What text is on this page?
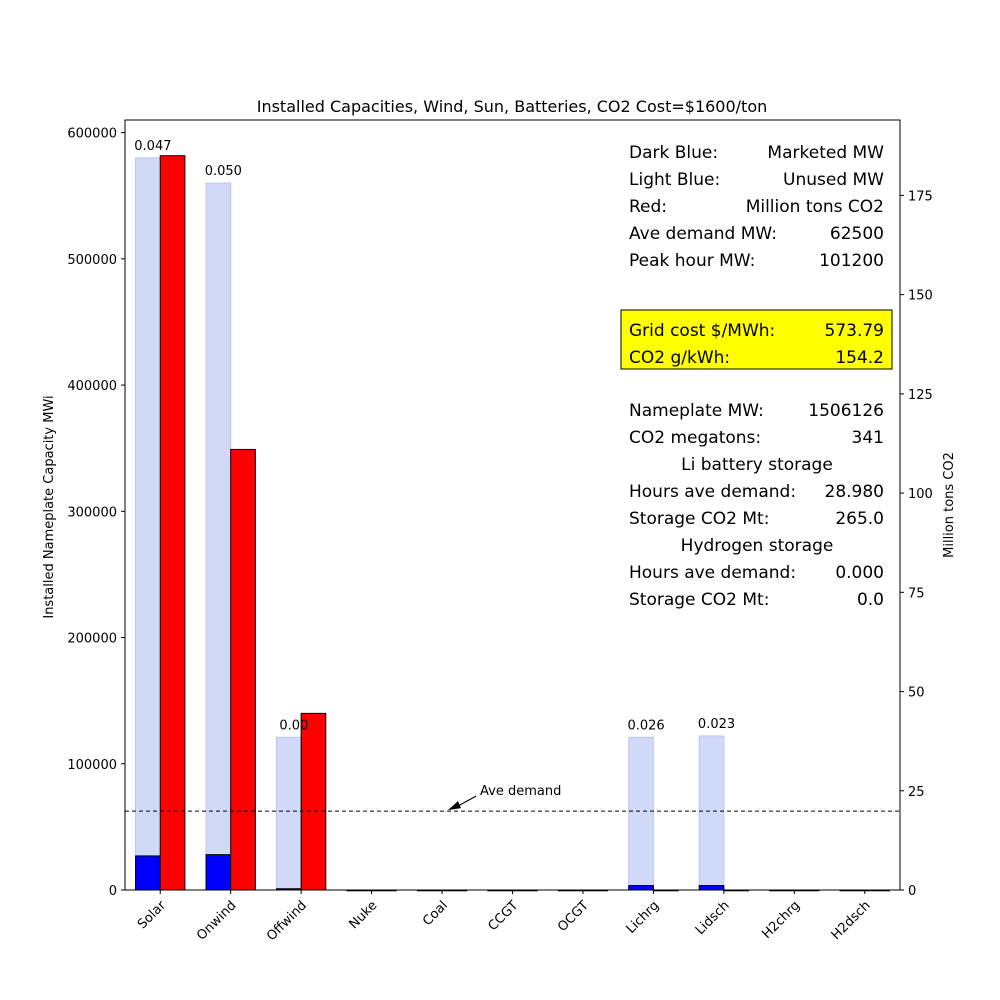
Installed Capacities, Wind, Sun, Batteries, CO2 Cost=$1600/ton
0.047
Solar
0.050
Onwind
0.00
Offwind	Nuke	Coal	CCGT	OCGT
0.026
Lichrg
0.023
Lidsch H2chrg H2dsch
0
100000
200000
300000
400000
500000
600000
0
25
50
75
100
125
150
175
Ave demand
Dark Blue:	Marketed MW
Light Blue:	Unused MW
Red:	Million tons CO2
Ave demand MW:	62500
Peak hour MW:	101200
Grid cost $/MWh:	573.79
CO2 g/kWh:	154.2
Nameplate MW:	1506126
CO2 megatons:	341
Li battery storage
Hours ave demand: 28.980
Storage CO2 Mt:	265.0
Hydrogen storage
Hours ave demand: 0.000
Storage CO2 Mt:	0.0
Installed Nameplate Capacity MWi	Million tons CO2
